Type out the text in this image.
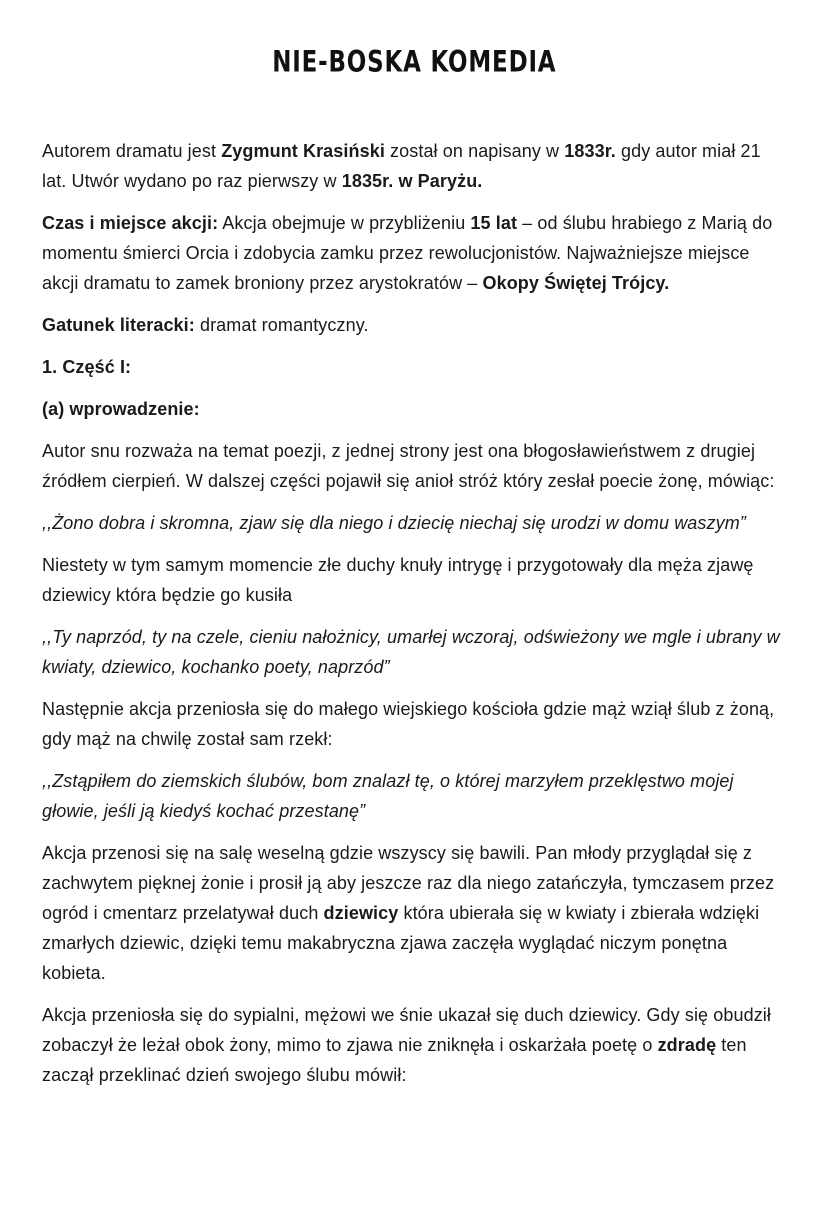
NIE-BOSKA KOMEDIA

Autorem dramatu jest Zygmunt Krasiński został on napisany w 1833r. gdy autor miał 21 lat. Utwór wydano po raz pierwszy w 1835r. w Paryżu.

Czas i miejsce akcji: Akcja obejmuje w przybliżeniu 15 lat – od ślubu hrabiego z Marią do momentu śmierci Orcia i zdobycia zamku przez rewolucjonistów. Najważniejsze miejsce akcji dramatu to zamek broniony przez arystokratów – Okopy Świętej Trójcy.

Gatunek literacki: dramat romantyczny.

1. Część I:

(a) wprowadzenie:

Autor snu rozważa na temat poezji, z jednej strony jest ona błogosławieństwem z drugiej źródłem cierpień. W dalszej części pojawił się anioł stróż który zesłał poecie żonę, mówiąc:

,,Żono dobra i skromna, zjaw się dla niego i dziecię niechaj się urodzi w domu waszym”

Niestety w tym samym momencie złe duchy knuły intrygę i przygotowały dla męża zjawę dziewicy która będzie go kusiła

,,Ty naprzód, ty na czele, cieniu nałożnicy, umarłej wczoraj, odświeżony we mgle i ubrany w kwiaty, dziewico, kochanko poety, naprzód”

Następnie akcja przeniosła się do małego wiejskiego kościoła gdzie mąż wziął ślub z żoną, gdy mąż na chwilę został sam rzekł:

,,Zstąpiłem do ziemskich ślubów, bom znalazł tę, o której marzyłem przeklęstwo mojej głowie, jeśli ją kiedyś kochać przestanę”

Akcja przenosi się na salę weselną gdzie wszyscy się bawili. Pan młody przyglądał się z zachwytem pięknej żonie i prosił ją aby jeszcze raz dla niego zatańczyła, tymczasem przez ogród i cmentarz przelatywał duch dziewicy która ubierała się w kwiaty i zbierała wdzięki zmarłych dziewic, dzięki temu makabryczna zjawa zaczęła wyglądać niczym ponętna kobieta.

Akcja przeniosła się do sypialni, mężowi we śnie ukazał się duch dziewicy. Gdy się obudził zobaczył że leżał obok żony, mimo to zjawa nie zniknęła i oskarżała poetę o zdradę ten zaczął przeklinać dzień swojego ślubu mówił:
